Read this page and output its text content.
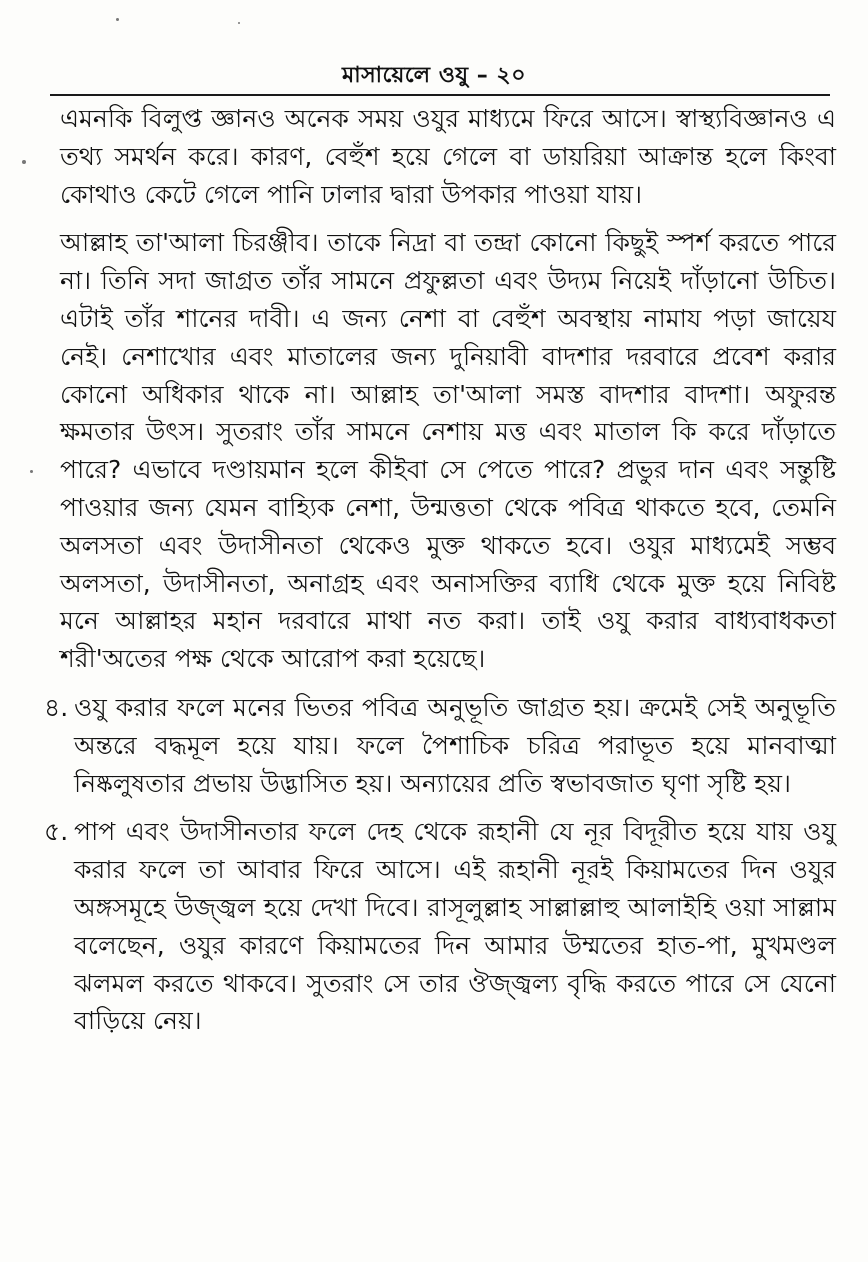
মাসায়েলে ওযু – ২০

এমনকি বিলুপ্ত জ্ঞানও অনেক সময় ওযুর মাধ্যমে ফিরে আসে। স্বাস্থ্যবিজ্ঞানও এ তথ্য সমর্থন করে। কারণ, বেহুঁশ হয়ে গেলে বা ডায়রিয়া আক্রান্ত হলে কিংবা কোথাও কেটে গেলে পানি ঢালার দ্বারা উপকার পাওয়া যায়।

আল্লাহ তা'আলা চিরঞ্জীব। তাকে নিদ্রা বা তন্দ্রা কোনো কিছুই স্পর্শ করতে পারে না। তিনি সদা জাগ্রত তাঁর সামনে প্রফুল্লতা এবং উদ্যম নিয়েই দাঁড়ানো উচিত। এটাই তাঁর শানের দাবী। এ জন্য নেশা বা বেহুঁশ অবস্থায় নামায পড়া জায়েয নেই। নেশাখোর এবং মাতালের জন্য দুনিয়াবী বাদশার দরবারে প্রবেশ করার কোনো অধিকার থাকে না। আল্লাহ তা'আলা সমস্ত বাদশার বাদশা। অফুরন্ত ক্ষমতার উৎস। সুতরাং তাঁর সামনে নেশায় মত্ত এবং মাতাল কি করে দাঁড়াতে পারে? এভাবে দণ্ডায়মান হলে কীইবা সে পেতে পারে? প্রভুর দান এবং সন্তুষ্টি পাওয়ার জন্য যেমন বাহ্যিক নেশা, উন্মত্ততা থেকে পবিত্র থাকতে হবে, তেমনি অলসতা এবং উদাসীনতা থেকেও মুক্ত থাকতে হবে। ওযুর মাধ্যমেই সম্ভব অলসতা, উদাসীনতা, অনাগ্রহ এবং অনাসক্তির ব্যাধি থেকে মুক্ত হয়ে নিবিষ্ট মনে আল্লাহর মহান দরবারে মাথা নত করা। তাই ওযু করার বাধ্যবাধকতা শরী'অতের পক্ষ থেকে আরোপ করা হয়েছে।

৪. ওযু করার ফলে মনের ভিতর পবিত্র অনুভূতি জাগ্রত হয়। ক্রমেই সেই অনুভূতি অন্তরে বদ্ধমূল হয়ে যায়। ফলে পৈশাচিক চরিত্র পরাভূত হয়ে মানবাত্মা নিষ্কলুষতার প্রভায় উদ্ভাসিত হয়। অন্যায়ের প্রতি স্বভাবজাত ঘৃণা সৃষ্টি হয়।
৫. পাপ এবং উদাসীনতার ফলে দেহ থেকে রূহানী যে নূর বিদূরীত হয়ে যায় ওযু করার ফলে তা আবার ফিরে আসে। এই রূহানী নূরই কিয়ামতের দিন ওযুর অঙ্গসমূহে উজ্জ্বল হয়ে দেখা দিবে। রাসূলুল্লাহ সাল্লাল্লাহু আলাইহি ওয়া সাল্লাম বলেছেন, ওযুর কারণে কিয়ামতের দিন আমার উম্মতের হাত-পা, মুখমণ্ডল ঝলমল করতে থাকবে। সুতরাং সে তার ঔজ্জ্বল্য বৃদ্ধি করতে পারে সে যেনো বাড়িয়ে নেয়।
